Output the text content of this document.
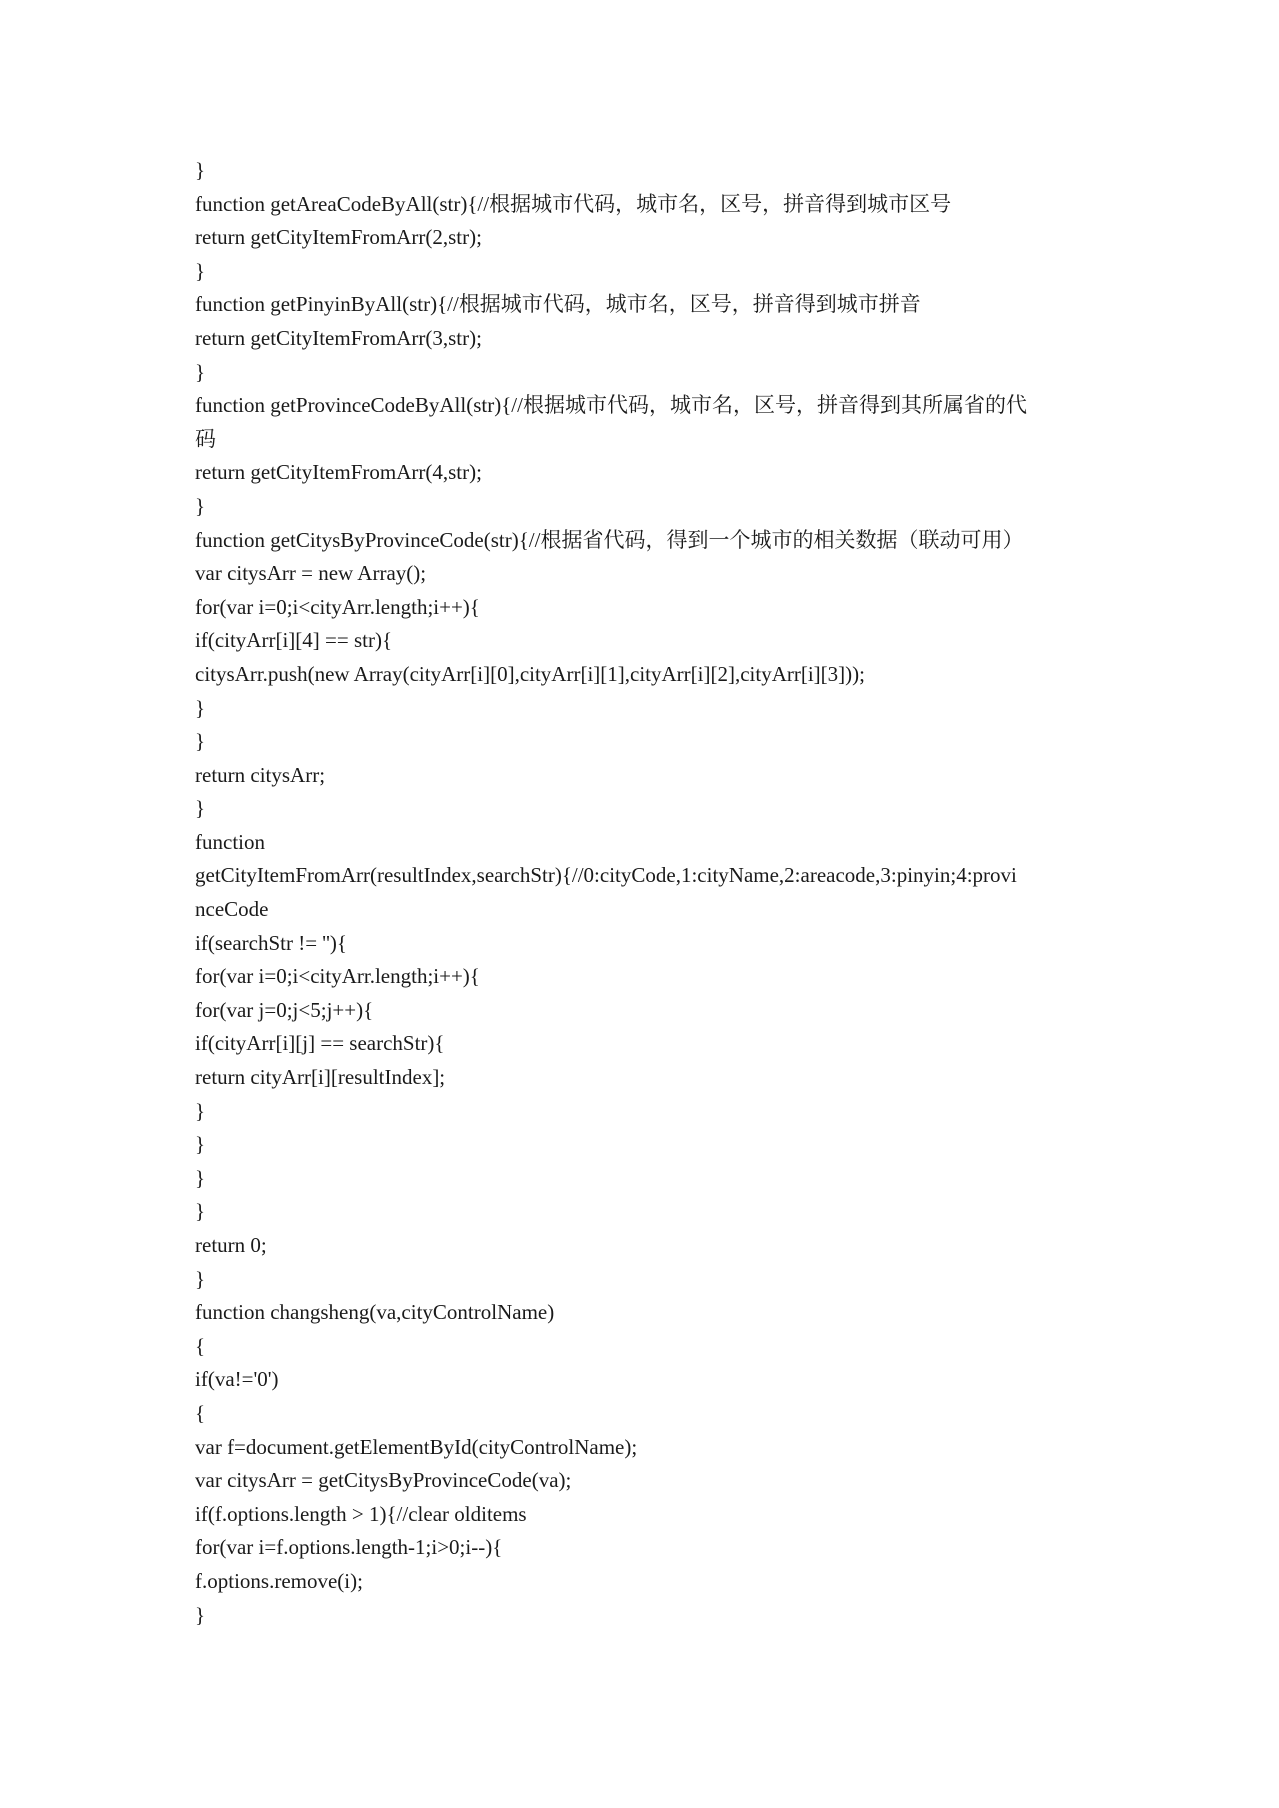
}
function getAreaCodeByAll(str){//根据城市代码，城市名，区号，拼音得到城市区号
return getCityItemFromArr(2,str);
}
function getPinyinByAll(str){//根据城市代码，城市名，区号，拼音得到城市拼音
return getCityItemFromArr(3,str);
}
function getProvinceCodeByAll(str){//根据城市代码，城市名，区号，拼音得到其所属省的代
码
return getCityItemFromArr(4,str);
}
function getCitysByProvinceCode(str){//根据省代码，得到一个城市的相关数据（联动可用）
var citysArr = new Array();
for(var i=0;i<cityArr.length;i++){
if(cityArr[i][4] == str){
citysArr.push(new Array(cityArr[i][0],cityArr[i][1],cityArr[i][2],cityArr[i][3]));
}
}
return citysArr;
}
function
getCityItemFromArr(resultIndex,searchStr){//0:cityCode,1:cityName,2:areacode,3:pinyin;4:provi
nceCode
if(searchStr != ''){
for(var i=0;i<cityArr.length;i++){
for(var j=0;j<5;j++){
if(cityArr[i][j] == searchStr){
return cityArr[i][resultIndex];
}
}
}
}
return 0;
}
function changsheng(va,cityControlName)
{
if(va!='0')
{
var f=document.getElementById(cityControlName);
var citysArr = getCitysByProvinceCode(va);
if(f.options.length > 1){//clear olditems
for(var i=f.options.length-1;i>0;i--){
f.options.remove(i);
}
